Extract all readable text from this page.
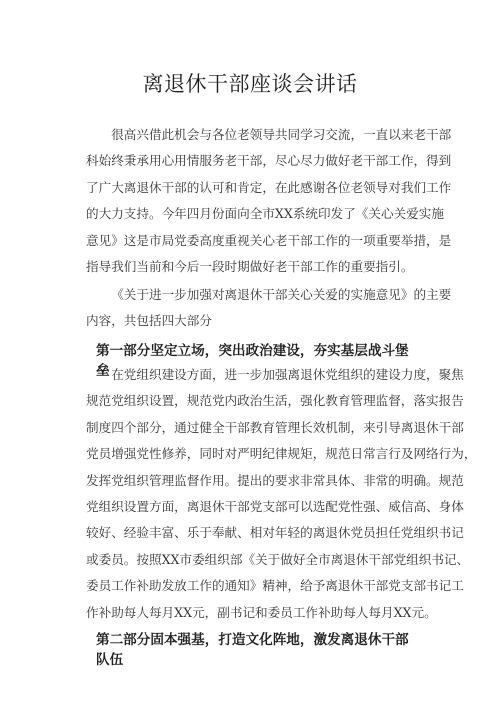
离退休干部座谈会讲话
很高兴借此机会与各位老领导共同学习交流，一直以来老干部
科始终秉承用心用情服务老干部，尽心尽力做好老干部工作，得到
了广大离退休干部的认可和肯定，在此感谢各位老领导对我们工作
的大力支持。今年四月份面向全市XX系统印发了《关心关爱实施
意见》这是市局党委高度重视关心老干部工作的一项重要举措，是
指导我们当前和今后一段时期做好老干部工作的重要指引。
《关于进一步加强对离退休干部关心关爱的实施意见》的主要
内容，共包括四大部分
第一部分坚定立场，突出政治建设，夯实基层战斗堡垒 在党组织建设方面，进一步加强离退休党组织的建设力度，聚焦
规范党组织设置，规范党内政治生活，强化教育管理监督，落实报告
制度四个部分，通过健全干部教育管理长效机制，来引导离退休干部
党员增强党性修养，同时对严明纪律规矩，规范日常言行及网络行为，
发挥党组织管理监督作用。提出的要求非常具体、非常的明确。规范
党组织设置方面，离退休干部党支部可以选配党性强、威信高、身体
较好、经验丰富、乐于奉献、相对年轻的离退休党员担任党组织书记
或委员。按照XX市委组织部《关于做好全市离退休干部党组织书记、
委员工作补助发放工作的通知》精神，给予离退休干部党支部书记工
作补助每人每月XX元，副书记和委员工作补助每人每月XX元。
第二部分固本强基，打造文化阵地，激发离退休干部队伍
